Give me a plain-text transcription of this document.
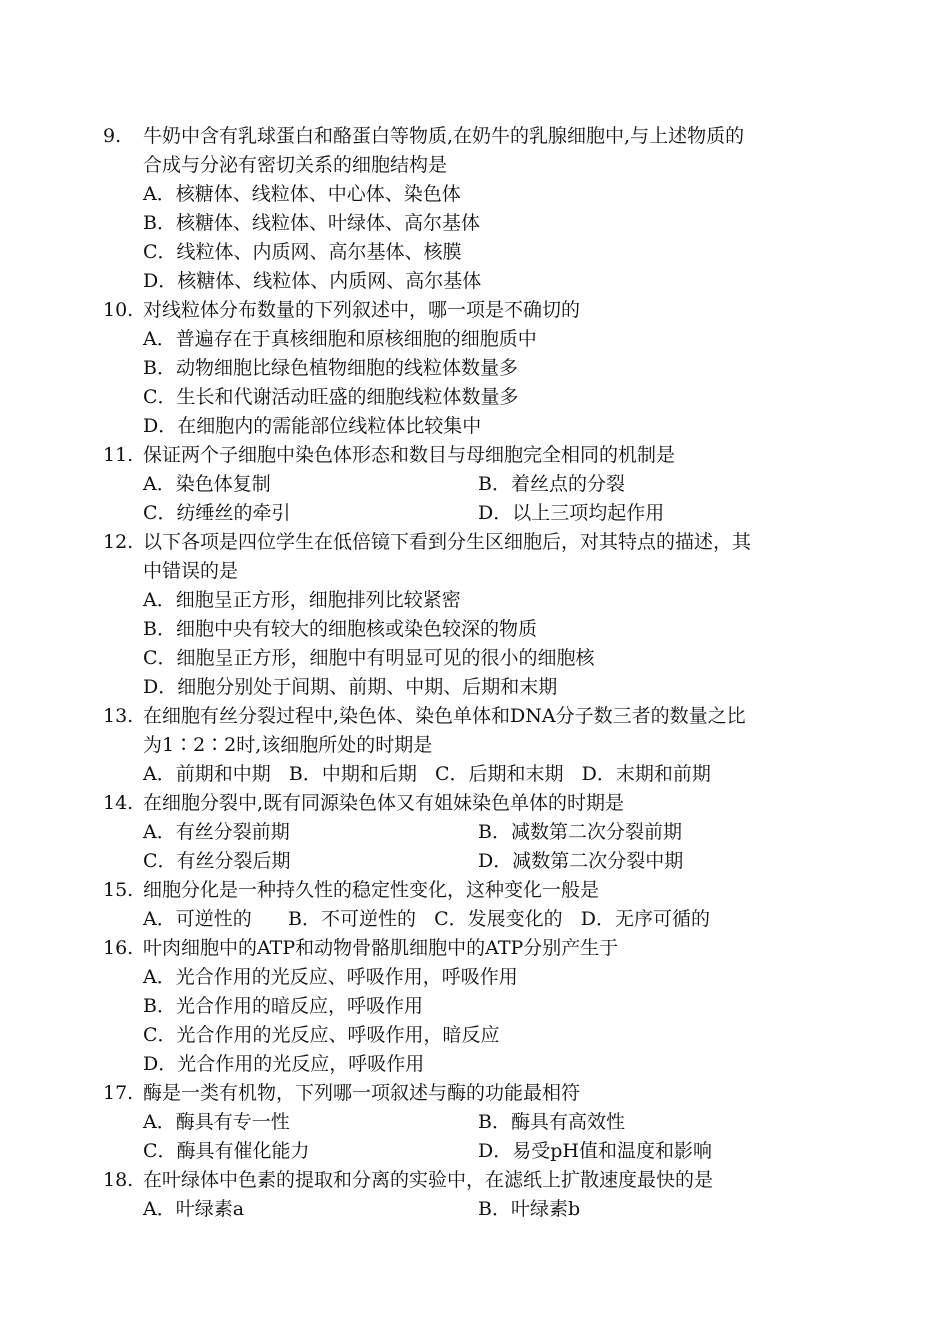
9. 牛奶中含有乳球蛋白和酪蛋白等物质,在奶牛的乳腺细胞中,与上述物质的
合成与分泌有密切关系的细胞结构是
A．核糖体、线粒体、中心体、染色体
B．核糖体、线粒体、叶绿体、高尔基体
C．线粒体、内质网、高尔基体、核膜
D．核糖体、线粒体、内质网、高尔基体
10. 对线粒体分布数量的下列叙述中，哪一项是不确切的
A．普遍存在于真核细胞和原核细胞的细胞质中
B．动物细胞比绿色植物细胞的线粒体数量多
C．生长和代谢活动旺盛的细胞线粒体数量多
D．在细胞内的需能部位线粒体比较集中
11. 保证两个子细胞中染色体形态和数目与母细胞完全相同的机制是
A．染色体复制	B．着丝点的分裂
C．纺缍丝的牵引	D．以上三项均起作用
12. 以下各项是四位学生在低倍镜下看到分生区细胞后，对其特点的描述，其
中错误的是
A．细胞呈正方形，细胞排列比较紧密
B．细胞中央有较大的细胞核或染色较深的物质
C．细胞呈正方形，细胞中有明显可见的很小的细胞核
D．细胞分别处于间期、前期、中期、后期和末期
13. 在细胞有丝分裂过程中,染色体、染色单体和DNA分子数三者的数量之比
为1∶2∶2时,该细胞所处的时期是
A．前期和中期 B．中期和后期 C．后期和末期 D．末期和前期
14. 在细胞分裂中,既有同源染色体又有姐妹染色单体的时期是
A．有丝分裂前期	B．减数第二次分裂前期
C．有丝分裂后期	D．减数第二次分裂中期
15. 细胞分化是一种持久性的稳定性变化，这种变化一般是
A．可逆性的 B．不可逆性的 C．发展变化的 D．无序可循的
16. 叶肉细胞中的ATP和动物骨骼肌细胞中的ATP分别产生于
A．光合作用的光反应、呼吸作用，呼吸作用
B．光合作用的暗反应，呼吸作用
C．光合作用的光反应、呼吸作用，暗反应
D．光合作用的光反应，呼吸作用
17. 酶是一类有机物，下列哪一项叙述与酶的功能最相符
A．酶具有专一性	B．酶具有高效性
C．酶具有催化能力	D．易受pH值和温度和影响
18. 在叶绿体中色素的提取和分离的实验中，在滤纸上扩散速度最快的是
A．叶绿素a	B．叶绿素b
